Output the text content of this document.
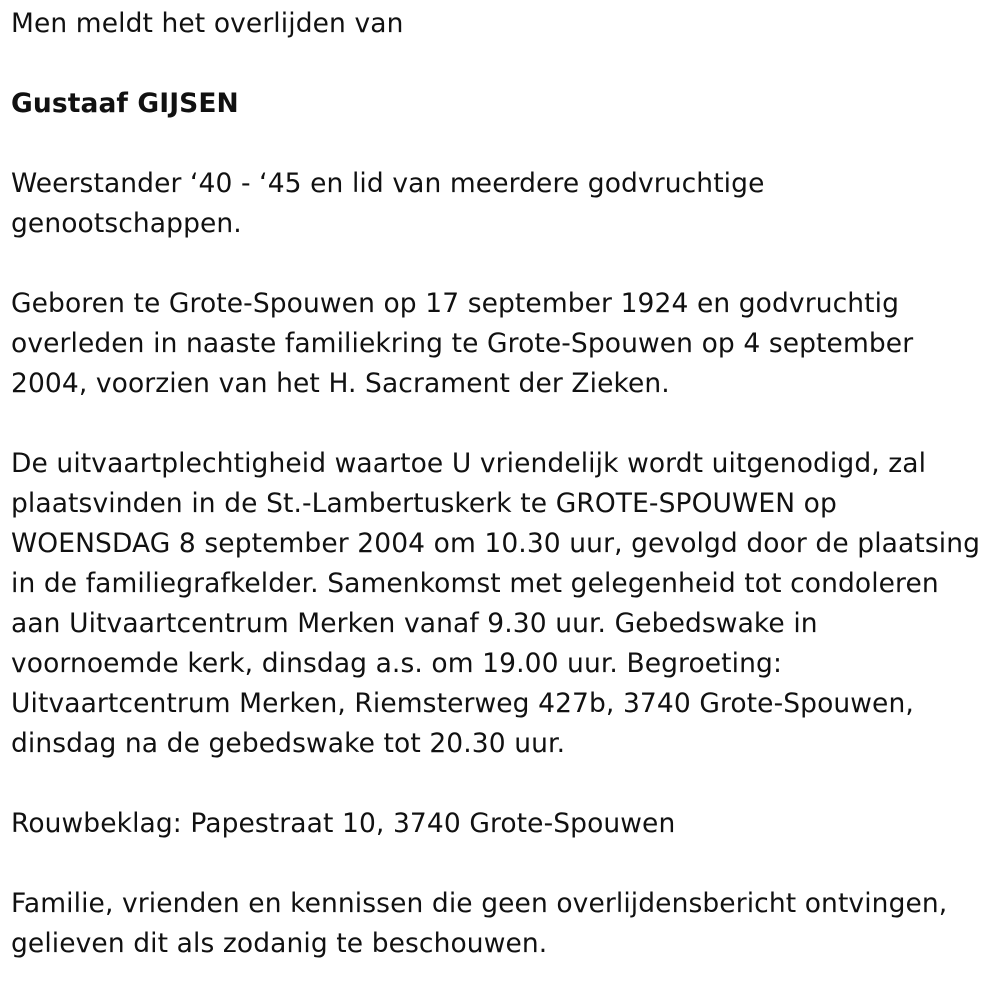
Men meldt het overlijden van
Gustaaf GIJSEN
Weerstander ‘40 - ‘45 en lid van meerdere godvruchtige
genootschappen.
Geboren te Grote-Spouwen op 17 september 1924 en godvruchtig
overleden in naaste familiekring te Grote-Spouwen op 4 september
2004, voorzien van het H. Sacrament der Zieken.
De uitvaartplechtigheid waartoe U vriendelijk wordt uitgenodigd, zal
plaatsvinden in de St.-Lambertuskerk te GROTE-SPOUWEN op
WOENSDAG 8 september 2004 om 10.30 uur, gevolgd door de plaatsing
in de familiegrafkelder. Samenkomst met gelegenheid tot condoleren
aan Uitvaartcentrum Merken vanaf 9.30 uur. Gebedswake in
voornoemde kerk, dinsdag a.s. om 19.00 uur. Begroeting:
Uitvaartcentrum Merken, Riemsterweg 427b, 3740 Grote-Spouwen,
dinsdag na de gebedswake tot 20.30 uur.
Rouwbeklag: Papestraat 10, 3740 Grote-Spouwen
Familie, vrienden en kennissen die geen overlijdensbericht ontvingen,
gelieven dit als zodanig te beschouwen.
